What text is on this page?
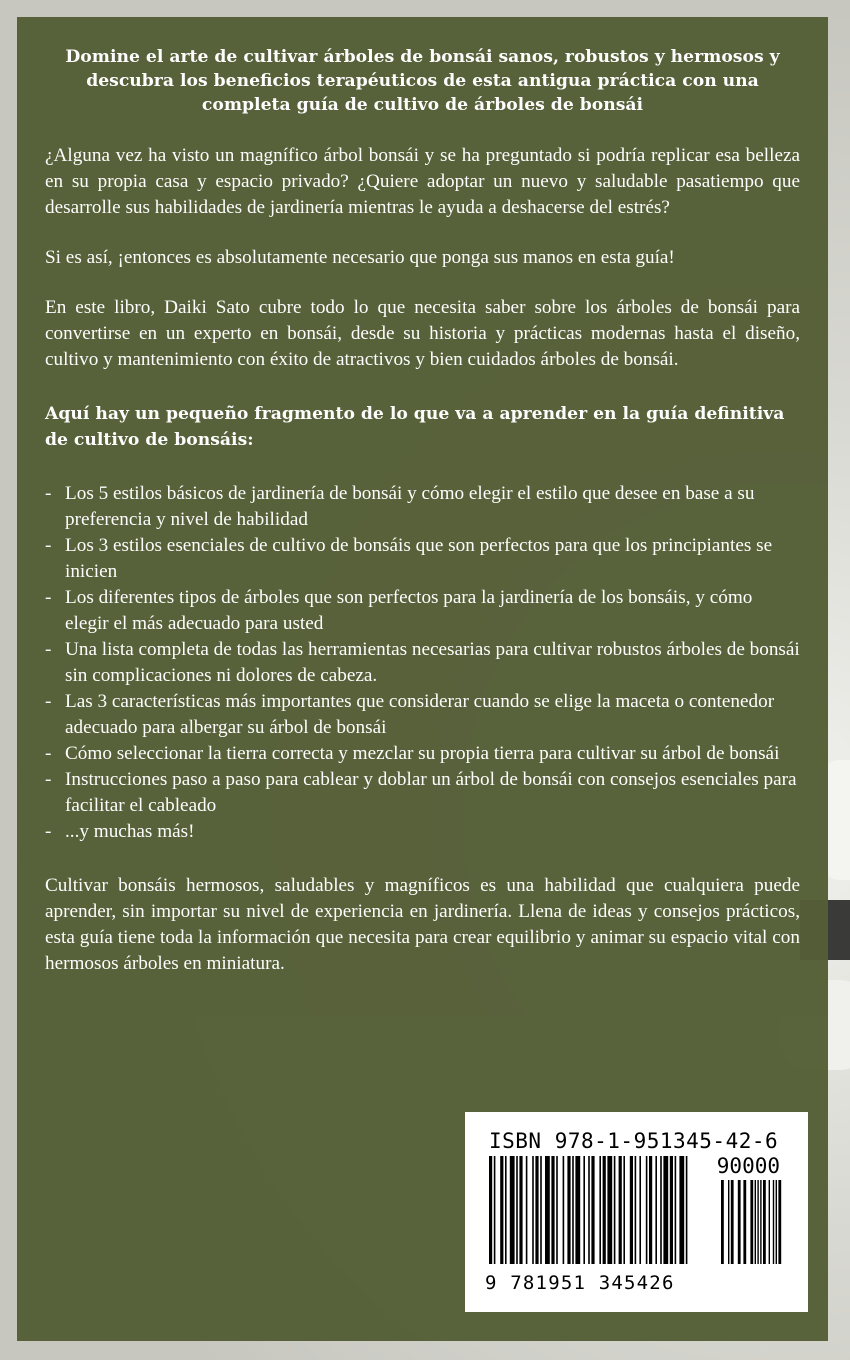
Domine el arte de cultivar árboles de bonsái sanos, robustos y hermosos y descubra los beneficios terapéuticos de esta antigua práctica con una completa guía de cultivo de árboles de bonsái

¿Alguna vez ha visto un magnífico árbol bonsái y se ha preguntado si podría replicar esa belleza en su propia casa y espacio privado? ¿Quiere adoptar un nuevo y saludable pasatiempo que desarrolle sus habilidades de jardinería mientras le ayuda a deshacerse del estrés?

Si es así, ¡entonces es absolutamente necesario que ponga sus manos en esta guía!

En este libro, Daiki Sato cubre todo lo que necesita saber sobre los árboles de bonsái para convertirse en un experto en bonsái, desde su historia y prácticas modernas hasta el diseño, cultivo y mantenimiento con éxito de atractivos y bien cuidados árboles de bonsái.

Aquí hay un pequeño fragmento de lo que va a aprender en la guía definitiva de cultivo de bonsáis:

- Los 5 estilos básicos de jardinería de bonsái y cómo elegir el estilo que desee en base a su preferencia y nivel de habilidad
- Los 3 estilos esenciales de cultivo de bonsáis que son perfectos para que los principiantes se inicien
- Los diferentes tipos de árboles que son perfectos para la jardinería de los bonsáis, y cómo elegir el más adecuado para usted
- Una lista completa de todas las herramientas necesarias para cultivar robustos árboles de bonsái sin complicaciones ni dolores de cabeza.
- Las 3 características más importantes que considerar cuando se elige la maceta o contenedor adecuado para albergar su árbol de bonsái
- Cómo seleccionar la tierra correcta y mezclar su propia tierra para cultivar su árbol de bonsái
- Instrucciones paso a paso para cablear y doblar un árbol de bonsái con consejos esenciales para facilitar el cableado
- ...y muchas más!

Cultivar bonsáis hermosos, saludables y magníficos es una habilidad que cualquiera puede aprender, sin importar su nivel de experiencia en jardinería. Llena de ideas y consejos prácticos, esta guía tiene toda la información que necesita para crear equilibrio y animar su espacio vital con hermosos árboles en miniatura.

ISBN 978-1-951345-42-6
90000
9 781951 345426
